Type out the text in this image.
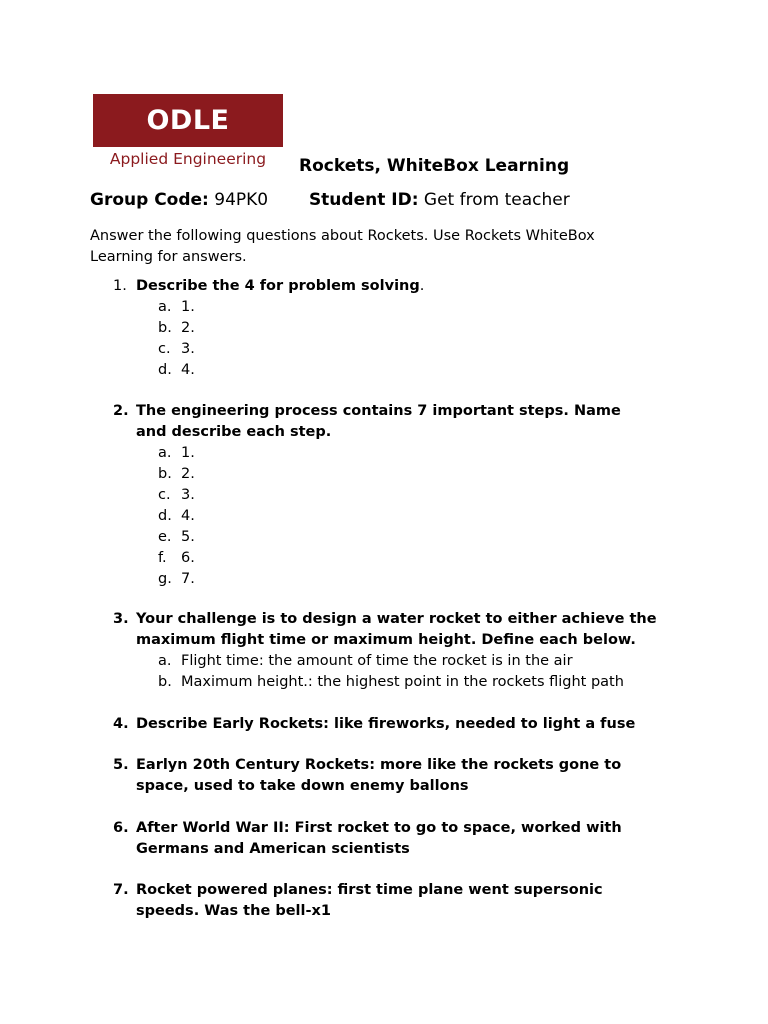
ODLE
Applied Engineering	Rockets, WhiteBox Learning
Group Code: 94PK0 Student ID: Get from teacher
Answer the following questions about Rockets. Use Rockets WhiteBox Learning for answers.
1. Describe the 4 for problem solving.
a. 1.
b. 2.
c. 3.
d. 4.
2. The engineering process contains 7 important steps. Name
and describe each step.
a. 1.
b. 2.
c. 3.
d. 4.
e. 5.
f. 6.
g. 7.
3. Your challenge is to design a water rocket to either achieve the
maximum flight time or maximum height. Define each below.
a. Flight time: the amount of time the rocket is in the air
b. Maximum height.: the highest point in the rockets flight path
4. Describe Early Rockets: like fireworks, needed to light a fuse
5. Earlyn 20th Century Rockets: more like the rockets gone to
space, used to take down enemy ballons
6. After World War II: First rocket to go to space, worked with
Germans and American scientists
7. Rocket powered planes: first time plane went supersonic
speeds. Was the bell-x1
